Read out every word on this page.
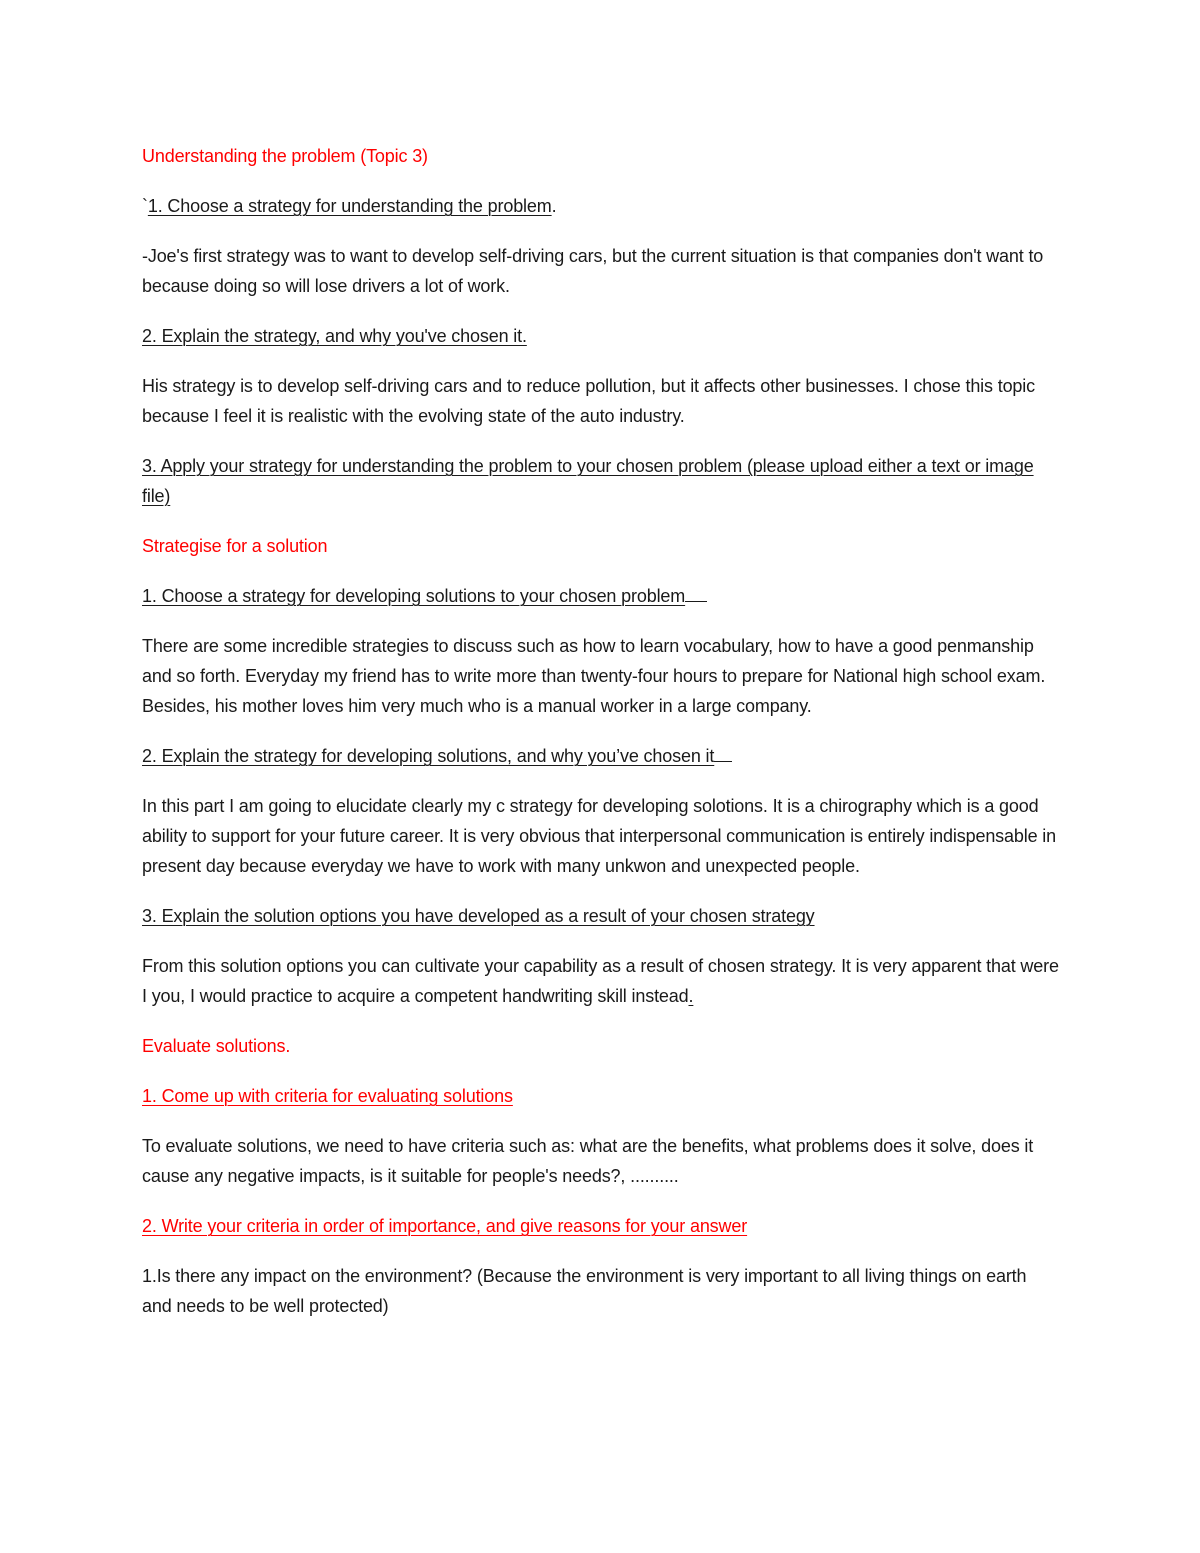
Understanding the problem (Topic 3)

`1. Choose a strategy for understanding the problem.

-Joe's first strategy was to want to develop self-driving cars, but the current situation is that companies don't want to because doing so will lose drivers a lot of work.

2. Explain the strategy, and why you've chosen it.

His strategy is to develop self-driving cars and to reduce pollution, but it affects other businesses. I chose this topic because I feel it is realistic with the evolving state of the auto industry.

3. Apply your strategy for understanding the problem to your chosen problem (please upload either a text or image file)

Strategise for a solution

1. Choose a strategy for developing solutions to your chosen problem

There are some incredible strategies to discuss such as how to learn vocabulary, how to have a good penmanship and so forth. Everyday my friend has to write more than twenty-four hours to prepare for National high school exam. Besides, his mother loves him very much who is a manual worker in a large company.

2. Explain the strategy for developing solutions, and why you’ve chosen it

In this part I am going to elucidate clearly my c strategy for developing solotions. It is a chirography which is a good ability to support for your future career. It is very obvious that interpersonal communication is entirely indispensable in present day because everyday we have to work with many unkwon and unexpected people.

3. Explain the solution options you have developed as a result of your chosen strategy

From this solution options you can cultivate your capability as a result of chosen strategy. It is very apparent that were I you, I would practice to acquire a competent handwriting skill instead.

Evaluate solutions.

1. Come up with criteria for evaluating solutions

To evaluate solutions, we need to have criteria such as: what are the benefits, what problems does it solve, does it cause any negative impacts, is it suitable for people's needs?, ..........

2. Write your criteria in order of importance, and give reasons for your answer

1.Is there any impact on the environment? (Because the environment is very important to all living things on earth and needs to be well protected)
